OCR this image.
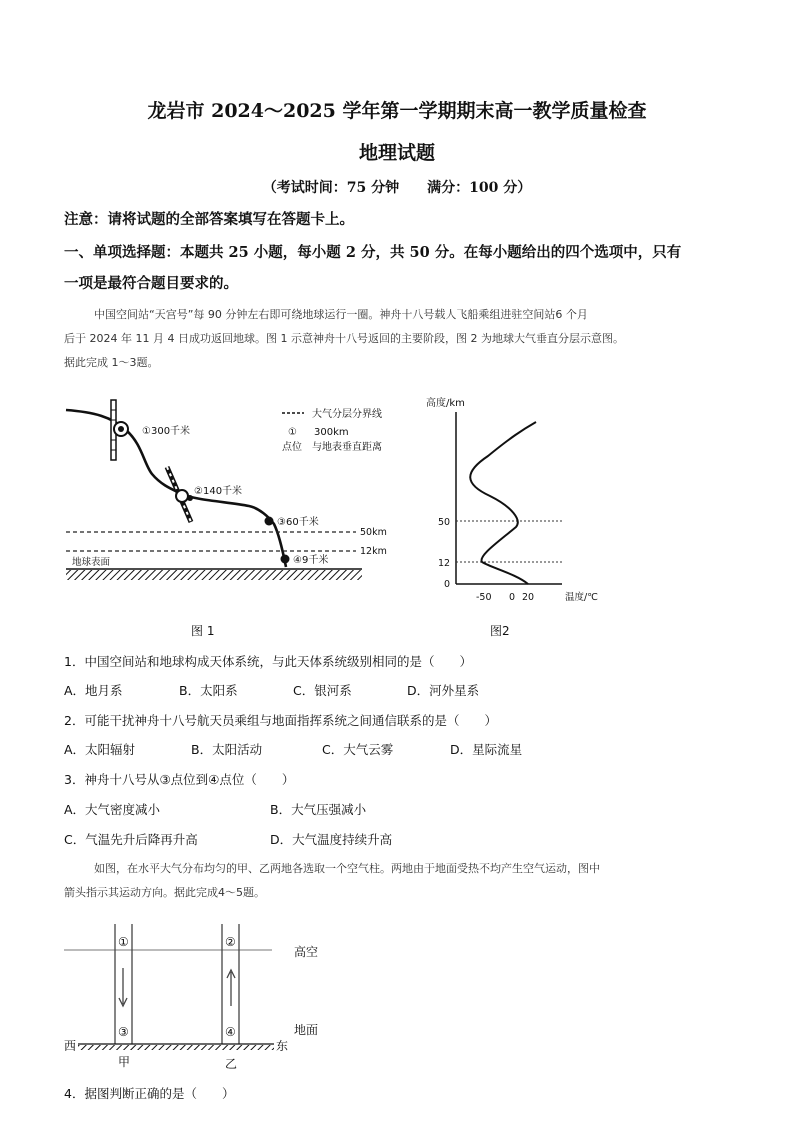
龙岩市 2024～2025 学年第一学期期末高一教学质量检查
地理试题
（考试时间：75 分钟　　满分：100 分）
注意：请将试题的全部答案填写在答题卡上。
一、单项选择题：本题共 25 小题，每小题 2 分，共 50 分。在每小题给出的四个选项中，只有
一项是最符合题目要求的。
中国空间站“天宫号”每 90 分钟左右即可绕地球运行一圈。神舟十八号载人飞船乘组进驻空间站6 个月
后于 2024 年 11 月 4 日成功返回地球。图 1 示意神舟十八号返回的主要阶段，图 2 为地球大气垂直分层示意图。
据此完成 1～3题。
①300千米
②140千米
③60千米
④9千米
50km
12km
地球表面
大气分层分界线
① 300km
点位 与地表垂直距离
图 1
高度/km
50
12
0
-50 0 20	温度/℃
图2
1．中国空间站和地球构成天体系统，与此天体系统级别相同的是（　　）
A．地月系	B．太阳系	C．银河系	D．河外星系
2．可能干扰神舟十八号航天员乘组与地面指挥系统之间通信联系的是（　　）
A．太阳辐射	B．太阳活动	C．大气云雾	D．星际流星
3．神舟十八号从③点位到④点位（　　）
A．大气密度减小	B．大气压强减小
C．气温先升后降再升高	D．大气温度持续升高
如图，在水平大气分布均匀的甲、乙两地各选取一个空气柱。两地由于地面受热不均产生空气运动，图中
箭头指示其运动方向。据此完成4～5题。
①	②
③	④
高空
地面
西	东
甲	乙
4．据图判断正确的是（　　）
